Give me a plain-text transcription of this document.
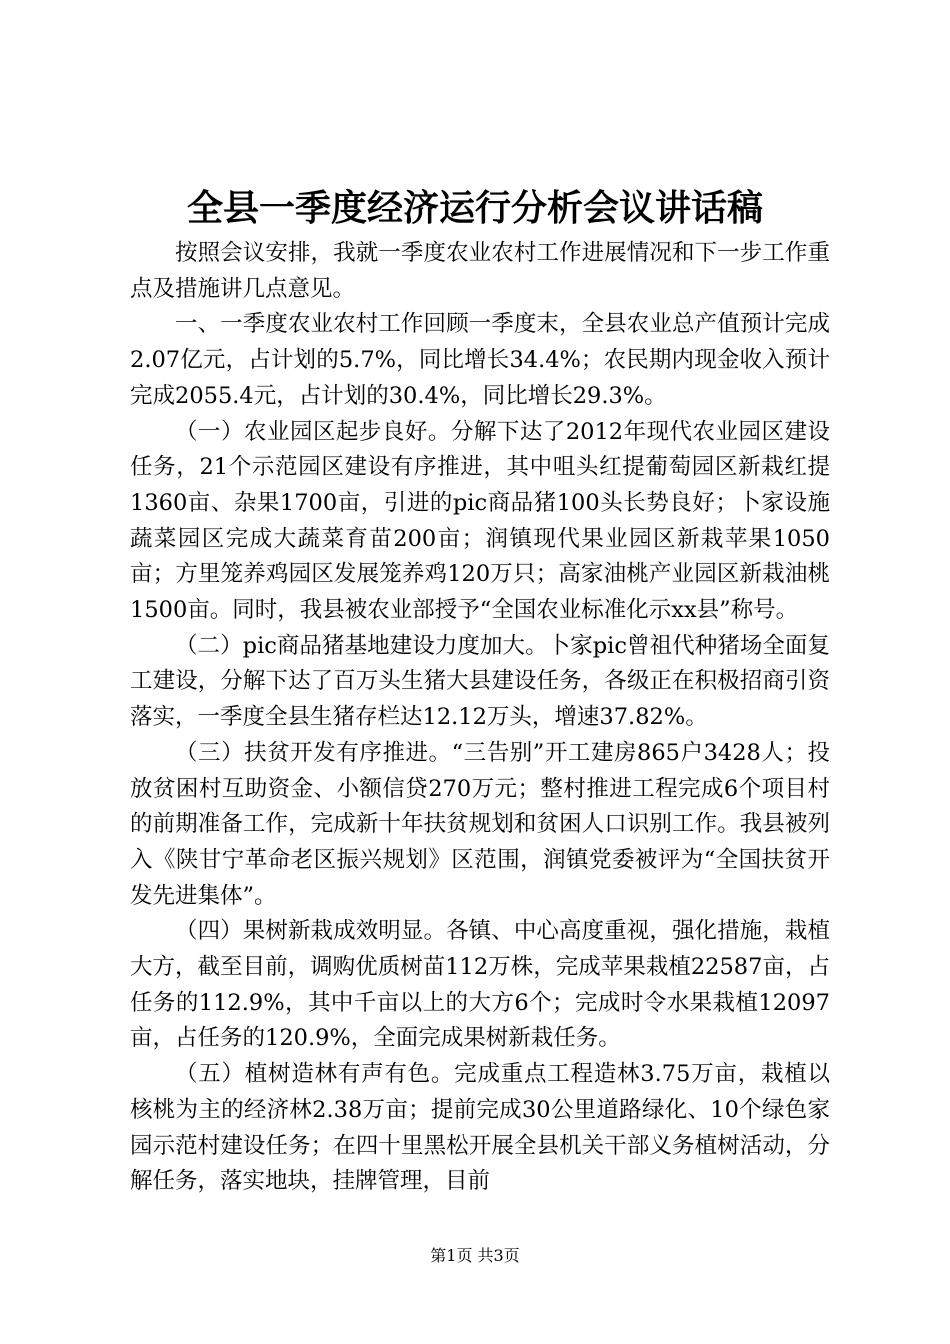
全县一季度经济运行分析会议讲话稿

按照会议安排，我就一季度农业农村工作进展情况和下一步工作重点及措施讲几点意见。

一、一季度农业农村工作回顾一季度末，全县农业总产值预计完成2.07亿元，占计划的5.7%，同比增长34.4%；农民期内现金收入预计完成2055.4元，占计划的30.4%，同比增长29.3%。

（一）农业园区起步良好。分解下达了2012年现代农业园区建设任务，21个示范园区建设有序推进，其中咀头红提葡萄园区新栽红提1360亩、杂果1700亩，引进的pic商品猪100头长势良好；卜家设施蔬菜园区完成大蔬菜育苗200亩；润镇现代果业园区新栽苹果1050亩；方里笼养鸡园区发展笼养鸡120万只；高家油桃产业园区新栽油桃1500亩。同时，我县被农业部授予“全国农业标准化示xx县”称号。

（二）pic商品猪基地建设力度加大。卜家pic曾祖代种猪场全面复工建设，分解下达了百万头生猪大县建设任务，各级正在积极招商引资落实，一季度全县生猪存栏达12.12万头，增速37.82%。

（三）扶贫开发有序推进。“三告别”开工建房865户3428人；投放贫困村互助资金、小额信贷270万元；整村推进工程完成6个项目村的前期准备工作，完成新十年扶贫规划和贫困人口识别工作。我县被列入《陕甘宁革命老区振兴规划》区范围，润镇党委被评为“全国扶贫开发先进集体”。

（四）果树新栽成效明显。各镇、中心高度重视，强化措施，栽植大方，截至目前，调购优质树苗112万株，完成苹果栽植22587亩，占任务的112.9%，其中千亩以上的大方6个；完成时令水果栽植12097亩，占任务的120.9%，全面完成果树新栽任务。

（五）植树造林有声有色。完成重点工程造林3.75万亩，栽植以核桃为主的经济林2.38万亩；提前完成30公里道路绿化、10个绿色家园示范村建设任务；在四十里黑松开展全县机关干部义务植树活动，分解任务，落实地块，挂牌管理，目前

第1页 共3页
